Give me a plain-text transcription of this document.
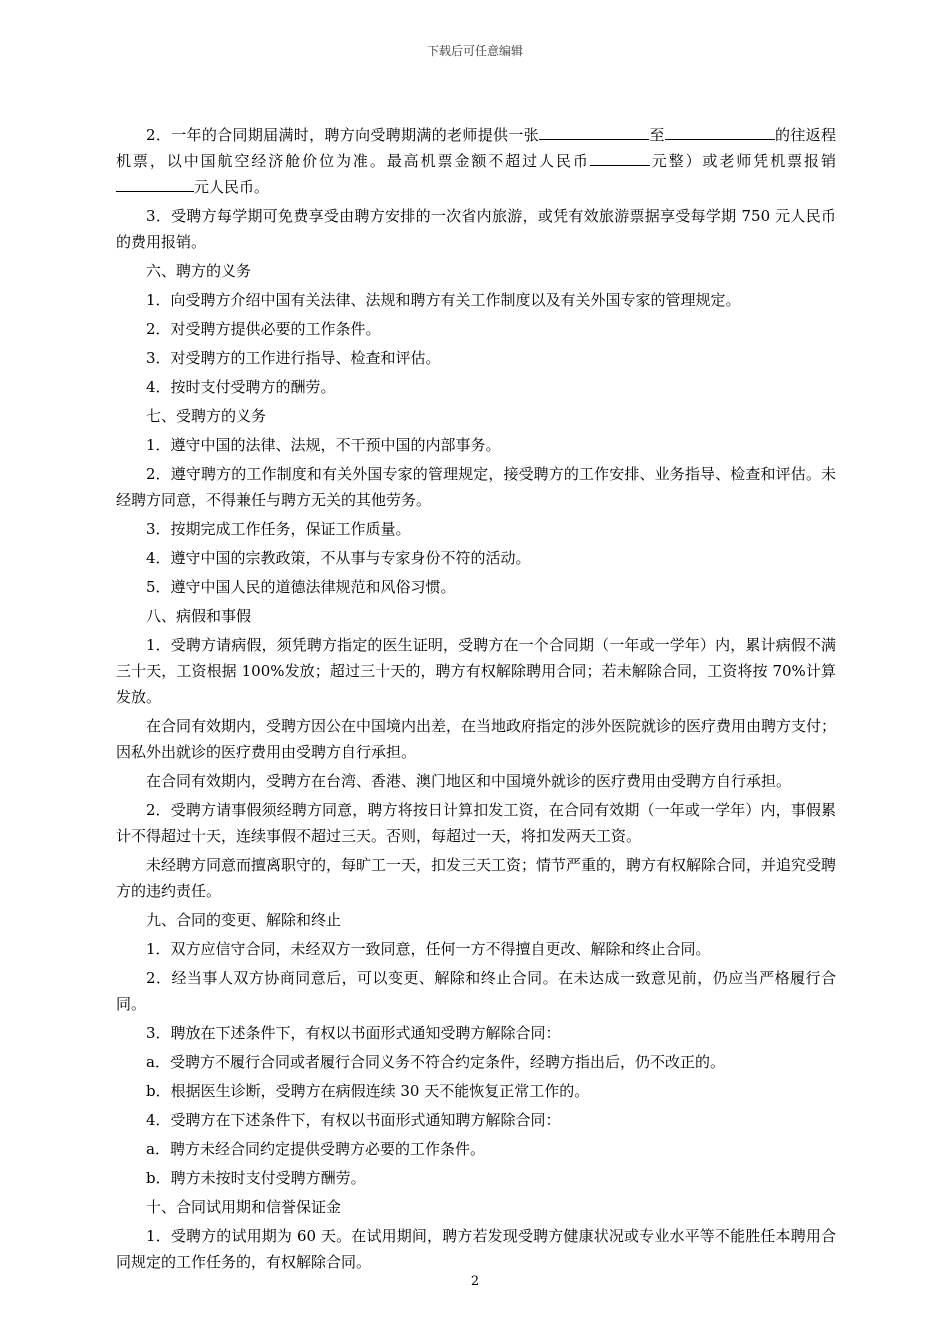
下载后可任意编辑

2．一年的合同期届满时，聘方向受聘期满的老师提供一张	至	的往返程机票，以中国航空经济舱价位为准。最高机票金额不超过人民币	元整）或老师凭机票报销元人民币。

3．受聘方每学期可免费享受由聘方安排的一次省内旅游，或凭有效旅游票据享受每学期 750 元人民币的费用报销。

六、聘方的义务

1．向受聘方介绍中国有关法律、法规和聘方有关工作制度以及有关外国专家的管理规定。

2．对受聘方提供必要的工作条件。

3．对受聘方的工作进行指导、检查和评估。

4．按时支付受聘方的酬劳。

七、受聘方的义务

1．遵守中国的法律、法规，不干预中国的内部事务。

2．遵守聘方的工作制度和有关外国专家的管理规定，接受聘方的工作安排、业务指导、检查和评估。未经聘方同意，不得兼任与聘方无关的其他劳务。

3．按期完成工作任务，保证工作质量。

4．遵守中国的宗教政策，不从事与专家身份不符的活动。

5．遵守中国人民的道德法律规范和风俗习惯。

八、病假和事假

1．受聘方请病假，须凭聘方指定的医生证明，受聘方在一个合同期（一年或一学年）内，累计病假不满三十天，工资根据 100%发放；超过三十天的，聘方有权解除聘用合同；若未解除合同，工资将按 70%计算发放。

在合同有效期内，受聘方因公在中国境内出差，在当地政府指定的涉外医院就诊的医疗费用由聘方支付；因私外出就诊的医疗费用由受聘方自行承担。

在合同有效期内，受聘方在台湾、香港、澳门地区和中国境外就诊的医疗费用由受聘方自行承担。

2．受聘方请事假须经聘方同意，聘方将按日计算扣发工资，在合同有效期（一年或一学年）内，事假累计不得超过十天，连续事假不超过三天。否则，每超过一天，将扣发两天工资。

未经聘方同意而擅离职守的，每旷工一天，扣发三天工资；情节严重的，聘方有权解除合同，并追究受聘方的违约责任。

九、合同的变更、解除和终止

1．双方应信守合同，未经双方一致同意，任何一方不得擅自更改、解除和终止合同。

2．经当事人双方协商同意后，可以变更、解除和终止合同。在未达成一致意见前，仍应当严格履行合同。

3．聘放在下述条件下，有权以书面形式通知受聘方解除合同：

a．受聘方不履行合同或者履行合同义务不符合约定条件，经聘方指出后，仍不改正的。

b．根据医生诊断，受聘方在病假连续 30 天不能恢复正常工作的。

4．受聘方在下述条件下，有权以书面形式通知聘方解除合同：

a．聘方未经合同约定提供受聘方必要的工作条件。

b．聘方未按时支付受聘方酬劳。

十、合同试用期和信誉保证金

1．受聘方的试用期为 60 天。在试用期间，聘方若发现受聘方健康状况或专业水平等不能胜任本聘用合同规定的工作任务的，有权解除合同。

2
